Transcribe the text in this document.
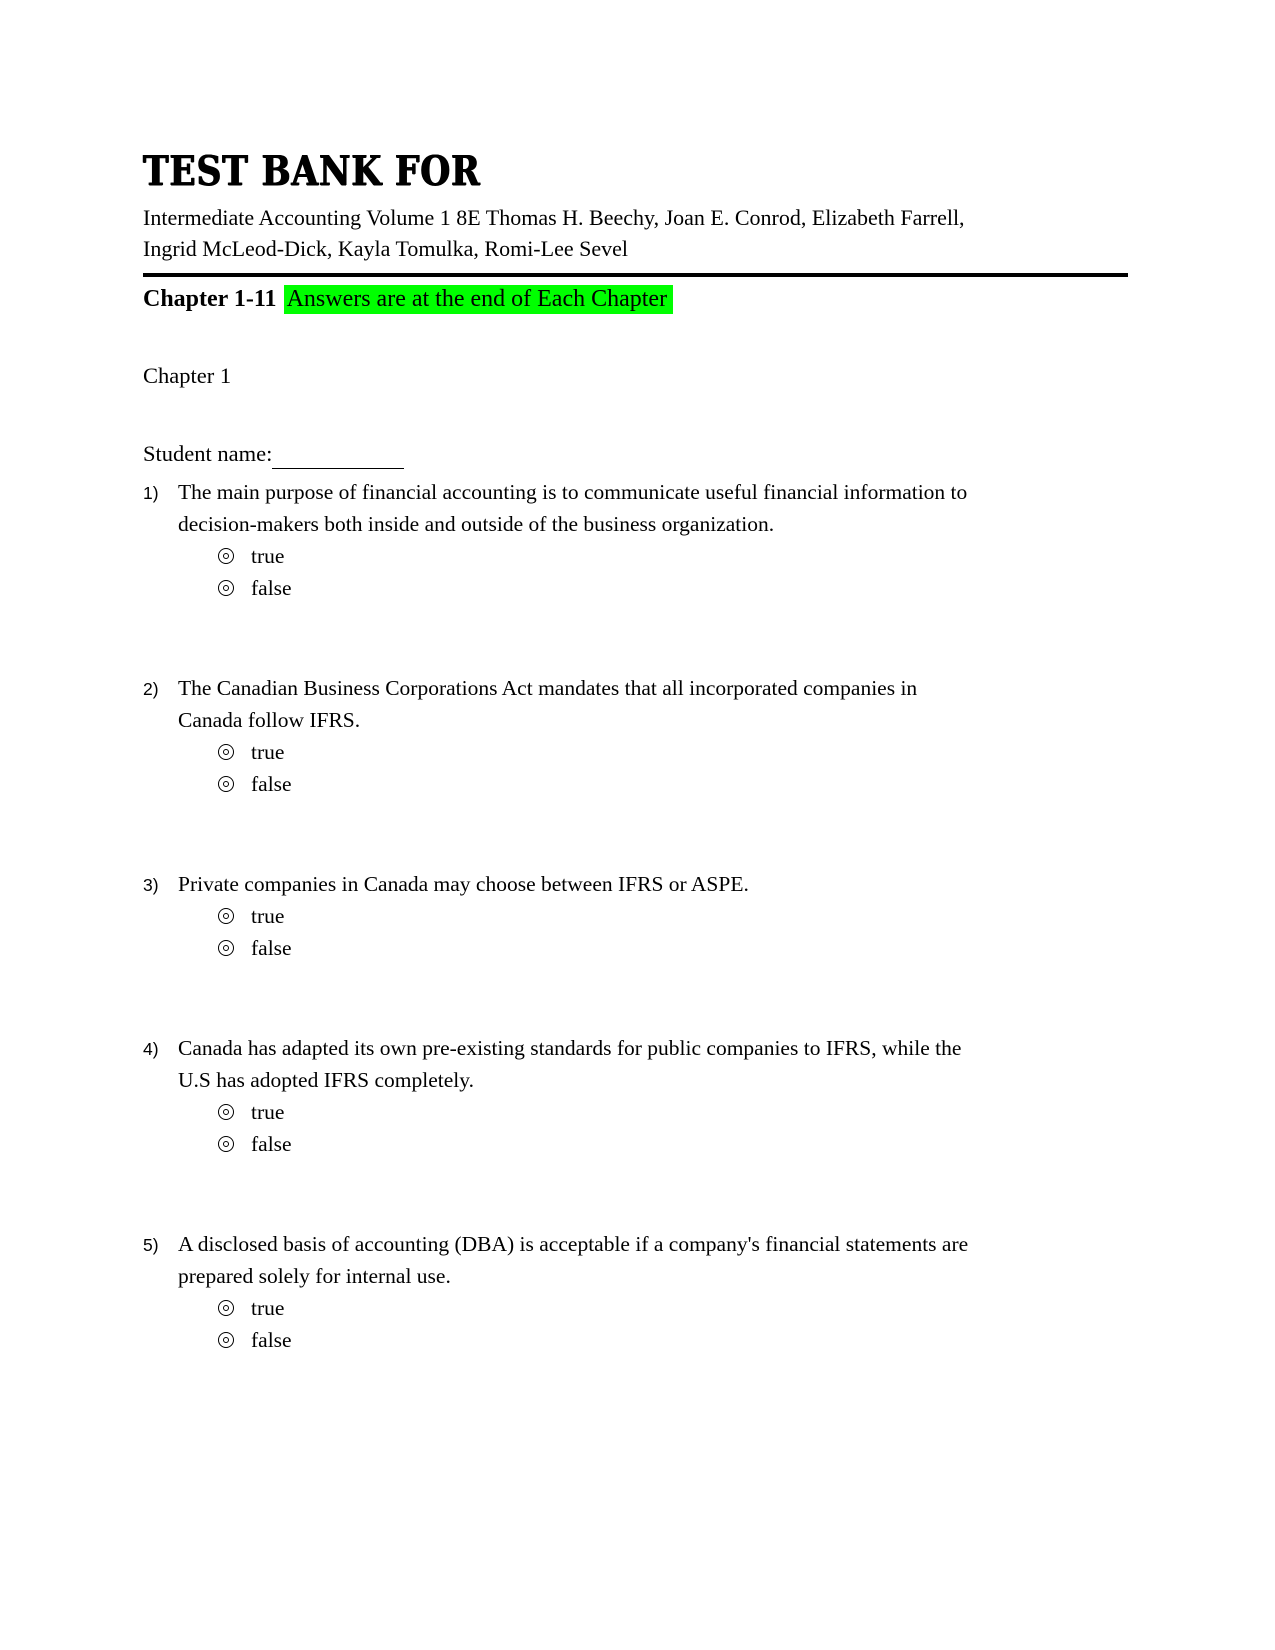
TEST BANK FOR
Intermediate Accounting Volume 1 8E Thomas H. Beechy, Joan E. Conrod, Elizabeth Farrell,
Ingrid McLeod-Dick, Kayla Tomulka, Romi-Lee Sevel
Chapter 1-11 Answers are at the end of Each Chapter
Chapter 1
Student name:
1) The main purpose of financial accounting is to communicate useful financial information to
decision-makers both inside and outside of the business organization.
true
false
2) The Canadian Business Corporations Act mandates that all incorporated companies in
Canada follow IFRS.
true
false
3) Private companies in Canada may choose between IFRS or ASPE.
true
false
4) Canada has adapted its own pre-existing standards for public companies to IFRS, while the
U.S has adopted IFRS completely.
true
false
5) A disclosed basis of accounting (DBA) is acceptable if a company's financial statements are
prepared solely for internal use.
true
false
